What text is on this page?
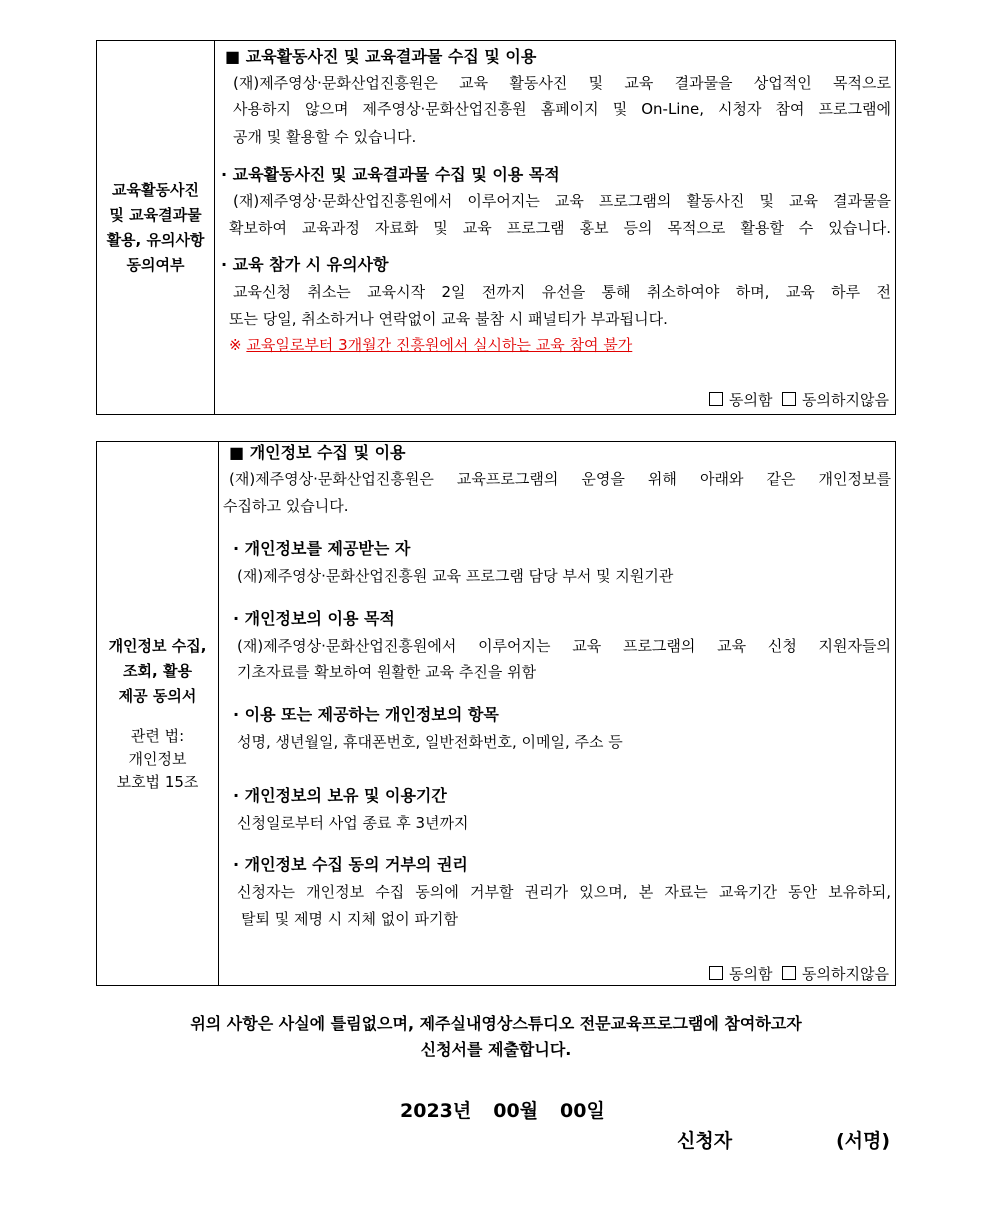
교육활동사진
및 교육결과물
활용, 유의사항
동의여부
■ 교육활동사진 및 교육결과물 수집 및 이용
(재)제주영상·문화산업진흥원은 교육 활동사진 및 교육 결과물을 상업적인 목적으로
사용하지 않으며 제주영상·문화산업진흥원 홈페이지 및 On-Line, 시청자 참여 프로그램에
공개 및 활용할 수 있습니다.
· 교육활동사진 및 교육결과물 수집 및 이용 목적
(재)제주영상·문화산업진흥원에서 이루어지는 교육 프로그램의 활동사진 및 교육 결과물을
확보하여 교육과정 자료화 및 교육 프로그램 홍보 등의 목적으로 활용할 수 있습니다.
· 교육 참가 시 유의사항
교육신청 취소는 교육시작 2일 전까지 유선을 통해 취소하여야 하며, 교육 하루 전
또는 당일, 취소하거나 연락없이 교육 불참 시 패널티가 부과됩니다.
※ 교육일로부터 3개월간 진흥원에서 실시하는 교육 참여 불가
동의함 동의하지않음
개인정보 수집,
조회, 활용
제공 동의서
관련 법:
개인정보
보호법 15조
■ 개인정보 수집 및 이용
(재)제주영상·문화산업진흥원은 교육프로그램의 운영을 위해 아래와 같은 개인정보를
수집하고 있습니다.
· 개인정보를 제공받는 자
(재)제주영상·문화산업진흥원 교육 프로그램 담당 부서 및 지원기관
· 개인정보의 이용 목적
(재)제주영상·문화산업진흥원에서 이루어지는 교육 프로그램의 교육 신청 지원자들의
기초자료를 확보하여 원활한 교육 추진을 위함
· 이용 또는 제공하는 개인정보의 항목
성명, 생년월일, 휴대폰번호, 일반전화번호, 이메일, 주소 등
· 개인정보의 보유 및 이용기간
신청일로부터 사업 종료 후 3년까지
· 개인정보 수집 동의 거부의 권리
신청자는 개인정보 수집 동의에 거부할 권리가 있으며, 본 자료는 교육기간 동안 보유하되,
탈퇴 및 제명 시 지체 없이 파기함
동의함 동의하지않음
위의 사항은 사실에 틀림없으며, 제주실내영상스튜디오 전문교육프로그램에 참여하고자
신청서를 제출합니다.
2023년 00월 00일
신청자	(서명)
